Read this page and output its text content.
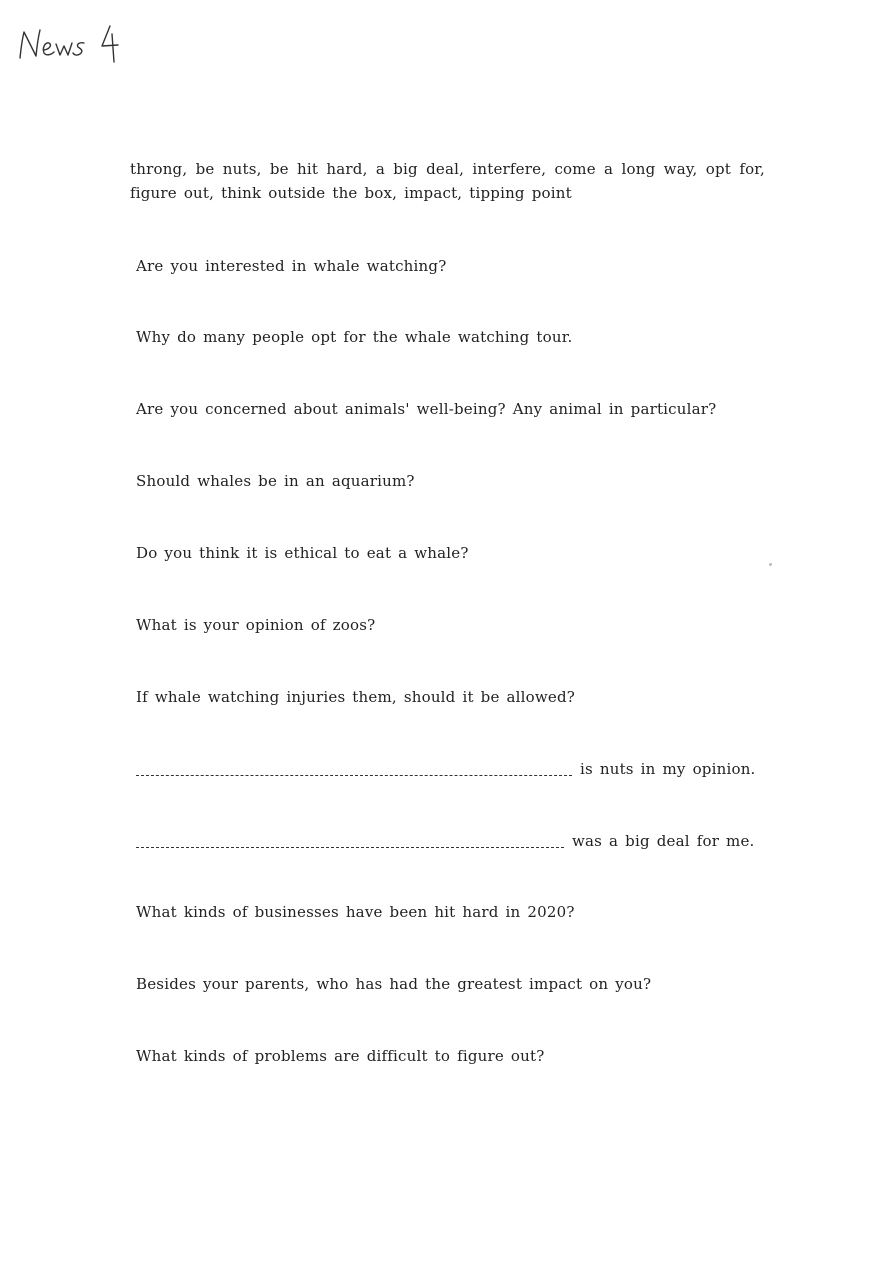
throng, be nuts, be hit hard, a big deal, interfere, come a long way, opt for, figure out, think outside the box, impact, tipping point
Are you interested in whale watching?
Why do many people opt for the whale watching tour.
Are you concerned about animals' well-being? Any animal in particular?
Should whales be in an aquarium?
Do you think it is ethical to eat a whale?
What is your opinion of zoos?
If whale watching injuries them, should it be allowed?
is nuts in my opinion.
was a big deal for me.
What kinds of businesses have been hit hard in 2020?
Besides your parents, who has had the greatest impact on you?
What kinds of problems are difficult to figure out?
